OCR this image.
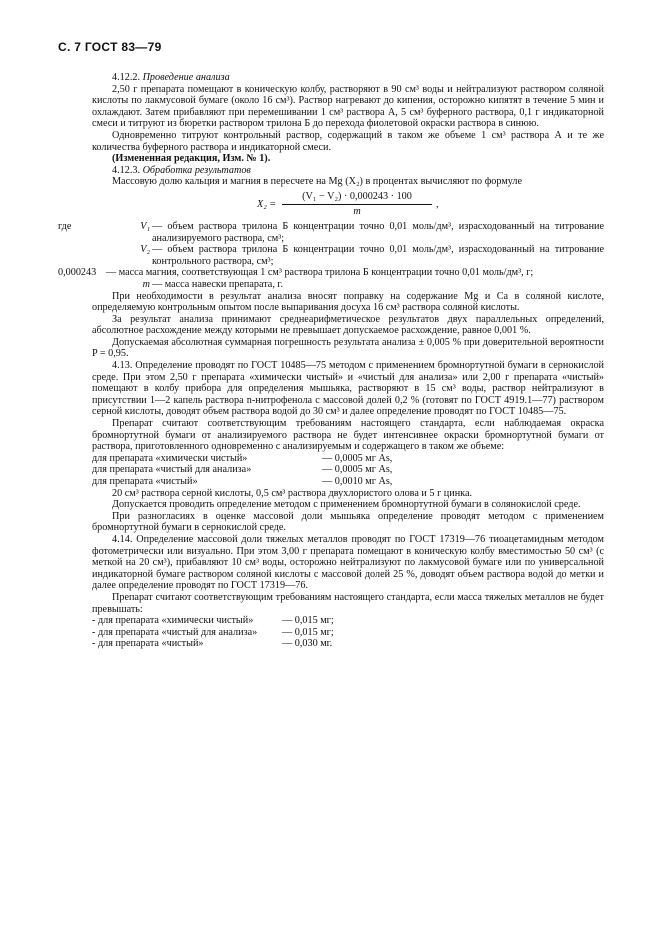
С. 7 ГОСТ 83—79

4.12.2. Проведение анализа

2,50 г препарата помещают в коническую колбу, растворяют в 90 см³ воды и нейтрализуют раствором соляной кислоты по лакмусовой бумаге (около 16 см³). Раствор нагревают до кипения, осторожно кипятят в течение 5 мин и охлаждают. Затем прибавляют при перемешивании 1 см³ раствора А, 5 см³ буферного раствора, 0,1 г индикаторной смеси и титруют из бюретки раствором трилона Б до перехода фиолетовой окраски раствора в синюю.

Одновременно титруют контрольный раствор, содержащий в таком же объеме 1 см³ раствора А и те же количества буферного раствора и индикаторной смеси.

(Измененная редакция, Изм. № 1).

4.12.3. Обработка результатов

Массовую долю кальция и магния в пересчете на Mg (X₂) в процентах вычисляют по формуле

$X_2 = \frac{\text{(V₁ − V₂) · 0,000243 · 100}}{m}$ ,
где	V₁ — объем раствора трилона Б концентрации точно 0,01 моль/дм³, израсходованный на титрование анализируемого раствора, см³;
V₂ — объем раствора трилона Б концентрации точно 0,01 моль/дм³, израсходованный на титрование контрольного раствора, см³;
0,000243 — масса магния, соответствующая 1 см³ раствора трилона Б концентрации точно 0,01 моль/дм³, г;
m — масса навески препарата, г.

При необходимости в результат анализа вносят поправку на содержание Mg и Ca в соляной кислоте, определяемую контрольным опытом после выпаривания досуха 16 см³ раствора соляной кислоты.

За результат анализа принимают среднеарифметическое результатов двух параллельных определений, абсолютное расхождение между которыми не превышает допускаемое расхождение, равное 0,001 %.

Допускаемая абсолютная суммарная погрешность результата анализа ± 0,005 % при доверительной вероятности P = 0,95.

4.13. Определение проводят по ГОСТ 10485—75 методом с применением бромнортутной бумаги в сернокислой среде. При этом 2,50 г препарата «химически чистый» и «чистый для анализа» или 2,00 г препарата «чистый» помещают в колбу прибора для определения мышьяка, растворяют в 15 см³ воды, раствор нейтрализуют в присутствии 1—2 капель раствора n-нитрофенола с массовой долей 0,2 % (готовят по ГОСТ 4919.1—77) раствором серной кислоты, доводят объем раствора водой до 30 см³ и далее определение проводят по ГОСТ 10485—75.

Препарат считают соответствующим требованиям настоящего стандарта, если наблюдаемая окраска бромнортутной бумаги от анализируемого раствора не будет интенсивнее окраски бромнортутной бумаги от раствора, приготовленного одновременно с анализируемым и содержащего в таком же объеме:

для препарата «химически чистый»	— 0,0005 мг As,
для препарата «чистый для анализа»	— 0,0005 мг As,
для препарата «чистый»	— 0,0010 мг As,

20 см³ раствора серной кислоты, 0,5 см³ раствора двухлористого олова и 5 г цинка.

Допускается проводить определение методом с применением бромнортутной бумаги в солянокислой среде.

При разногласиях в оценке массовой доли мышьяка определение проводят методом с применением бромнортутной бумаги в сернокислой среде.

4.14. Определение массовой доли тяжелых металлов проводят по ГОСТ 17319—76 тиоацетамидным методом фотометрически или визуально. При этом 3,00 г препарата помещают в коническую колбу вместимостью 50 см³ (с меткой на 20 см³), прибавляют 10 см³ воды, осторожно нейтрализуют по лакмусовой бумаге или по универсальной индикаторной бумаге раствором соляной кислоты с массовой долей 25 %, доводят объем раствора водой до метки и далее определение проводят по ГОСТ 17319—76.

Препарат считают соответствующим требованиям настоящего стандарта, если масса тяжелых металлов не будет превышать:

- для препарата «химически чистый»	— 0,015 мг;
- для препарата «чистый для анализа»	— 0,015 мг;
- для препарата «чистый»	— 0,030 мг.
